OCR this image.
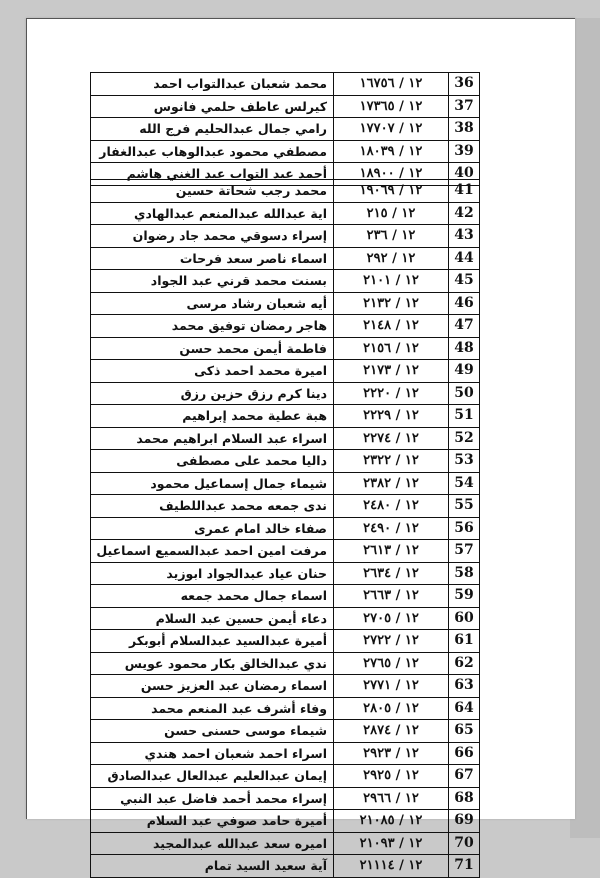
36	١٢ / ١٦٧٥٦	محمد شعبان عبدالتواب احمد
37	١٢ / ١٧٣٦٥	كيرلس عاطف حلمي فانوس
38	١٢ / ١٧٧٠٧	رامي جمال عبدالحليم فرج الله
39	١٢ / ١٨٠٣٩	مصطفي محمود عبدالوهاب عبدالغفار
40	١٢ / ١٨٩٠٠	أحمد عبد التواب عبد الغني هاشم
41	١٢ / ١٩٠٦٩	محمد رجب شحاتة حسين
42	١٢ / ٢١٥	اية عبدالله عبدالمنعم عبدالهادي
43	١٢ / ٢٣٦	إسراء دسوقي محمد جاد رضوان
44	١٢ / ٢٩٢	اسماء ناصر سعد فرحات
45	١٢ / ٢١٠١	بسنت محمد قرني عبد الجواد
46	١٢ / ٢١٣٢	أيه شعبان رشاد مرسى
47	١٢ / ٢١٤٨	هاجر رمضان توفيق محمد
48	١٢ / ٢١٥٦	فاطمة أيمن محمد حسن
49	١٢ / ٢١٧٣	اميرة محمد احمد ذكى
50	١٢ / ٢٢٢٠	دينا كرم رزق حزين رزق
51	١٢ / ٢٢٢٩	هبة عطية محمد إبراهيم
52	١٢ / ٢٢٧٤	اسراء عبد السلام ابراهيم محمد
53	١٢ / ٢٣٢٢	داليا محمد على مصطفى
54	١٢ / ٢٣٨٢	شيماء جمال إسماعيل محمود
55	١٢ / ٢٤٨٠	ندى جمعه محمد عبداللطيف
56	١٢ / ٢٤٩٠	صفاء خالد امام عمرى
57	١٢ / ٢٦١٣	مرفت امين احمد عبدالسميع اسماعيل
58	١٢ / ٢٦٣٤	حنان عياد عبدالجواد ابوزيد
59	١٢ / ٢٦٦٣	اسماء جمال محمد جمعه
60	١٢ / ٢٧٠٥	دعاء أيمن حسين عبد السلام
61	١٢ / ٢٧٢٢	أميرة عبدالسيد عبدالسلام أبوبكر
62	١٢ / ٢٧٦٥	ندي عبدالخالق بكار محمود عويس
63	١٢ / ٢٧٧١	اسماء رمضان عبد العزيز حسن
64	١٢ / ٢٨٠٥	وفاء أشرف عبد المنعم محمد
65	١٢ / ٢٨٧٤	شيماء موسى حسنى حسن
66	١٢ / ٢٩٢٣	اسراء احمد شعبان احمد هندي
67	١٢ / ٢٩٢٥	إيمان عبدالعليم عبدالعال عبدالصادق
68	١٢ / ٢٩٦٦	إسراء محمد أحمد فاضل عبد النبي
69	١٢ / ٢١٠٨٥	أميرة حامد صوفي عبد السلام
70	١٢ / ٢١٠٩٣	اميره سعد عبدالله عبدالمجيد
71	١٢ / ٢١١١٤	آية سعيد السيد تمام
